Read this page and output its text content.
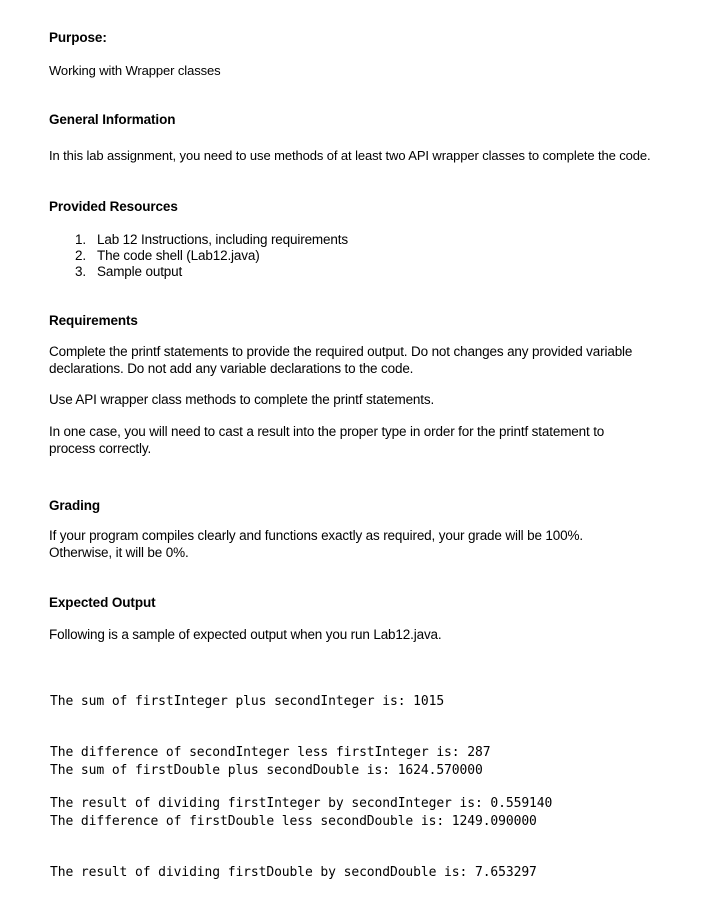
Purpose:
Working with Wrapper classes
General Information
In this lab assignment, you need to use methods of at least two API wrapper classes to complete the code.
Provided Resources
1. Lab 12 Instructions, including requirements
2. The code shell (Lab12.java)
3. Sample output
Requirements
Complete the printf statements to provide the required output. Do not changes any provided variable
declarations. Do not add any variable declarations to the code.
Use API wrapper class methods to complete the printf statements.
In one case, you will need to cast a result into the proper type in order for the printf statement to
process correctly.
Grading
If your program compiles clearly and functions exactly as required, your grade will be 100%.
Otherwise, it will be 0%.
Expected Output
Following is a sample of expected output when you run Lab12.java.

The sum of firstInteger plus secondInteger is: 1015

The difference of secondInteger less firstInteger is: 287

The result of dividing firstInteger by secondInteger is: 0.559140

The sum of firstDouble plus secondDouble is: 1624.570000

The difference of firstDouble less secondDouble is: 1249.090000

The result of dividing firstDouble by secondDouble is: 7.653297
